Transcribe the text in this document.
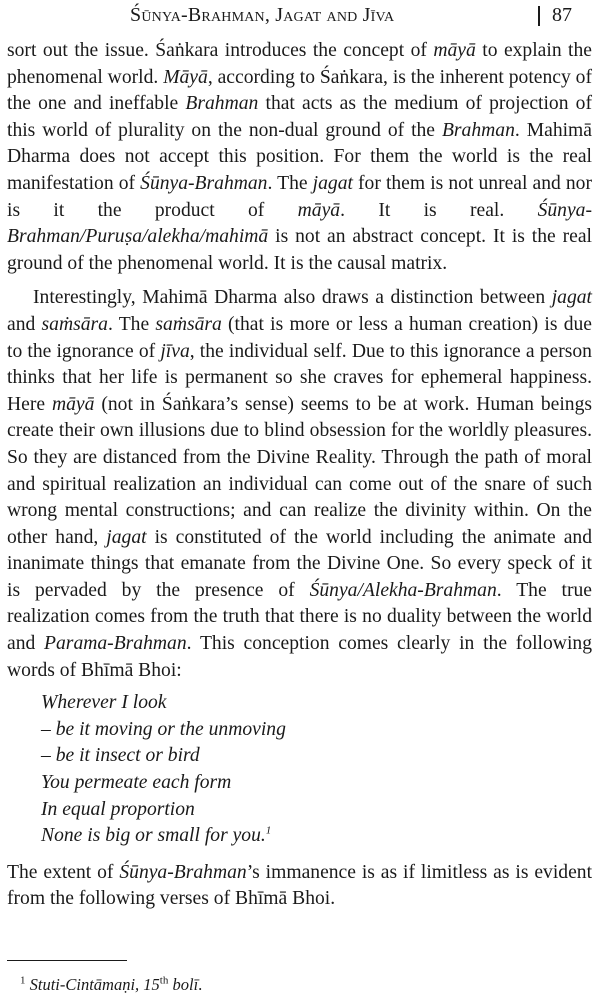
Śūnya-Brahman, Jagat and Jīva	87

sort out the issue. Śaṅkara introduces the concept of māyā to explain the phenomenal world. Māyā, according to Śaṅkara, is the inherent potency of the one and ineffable Brahman that acts as the medium of projection of this world of plurality on the non-dual ground of the Brahman. Mahimā Dharma does not accept this position. For them the world is the real manifestation of Śūnya-Brahman. The jagat for them is not unreal and nor is it the product of māyā. It is real. Śūnya-Brahman/Puruṣa/alekha/mahimā is not an abstract concept. It is the real ground of the phenomenal world. It is the causal matrix.

Interestingly, Mahimā Dharma also draws a distinction between jagat and saṁsāra. The saṁsāra (that is more or less a human creation) is due to the ignorance of jīva, the individual self. Due to this ignorance a person thinks that her life is permanent so she craves for ephemeral happiness. Here māyā (not in Śaṅkara’s sense) seems to be at work. Human beings create their own illusions due to blind obsession for the worldly pleasures. So they are distanced from the Divine Reality. Through the path of moral and spiritual realization an individual can come out of the snare of such wrong mental constructions; and can realize the divinity within. On the other hand, jagat is constituted of the world including the animate and inanimate things that emanate from the Divine One. So every speck of it is pervaded by the presence of Śūnya/Alekha-Brahman. The true realization comes from the truth that there is no duality between the world and Parama-Brahman. This conception comes clearly in the following words of Bhīmā Bhoi:

Wherever I look
– be it moving or the unmoving
– be it insect or bird
You permeate each form
In equal proportion
None is big or small for you.$^1$

The extent of Śūnya-Brahman’s immanence is as if limitless as is evident from the following verses of Bhīmā Bhoi.

$^1$ Stuti-Cintāmaṇi, 15th bolī.
